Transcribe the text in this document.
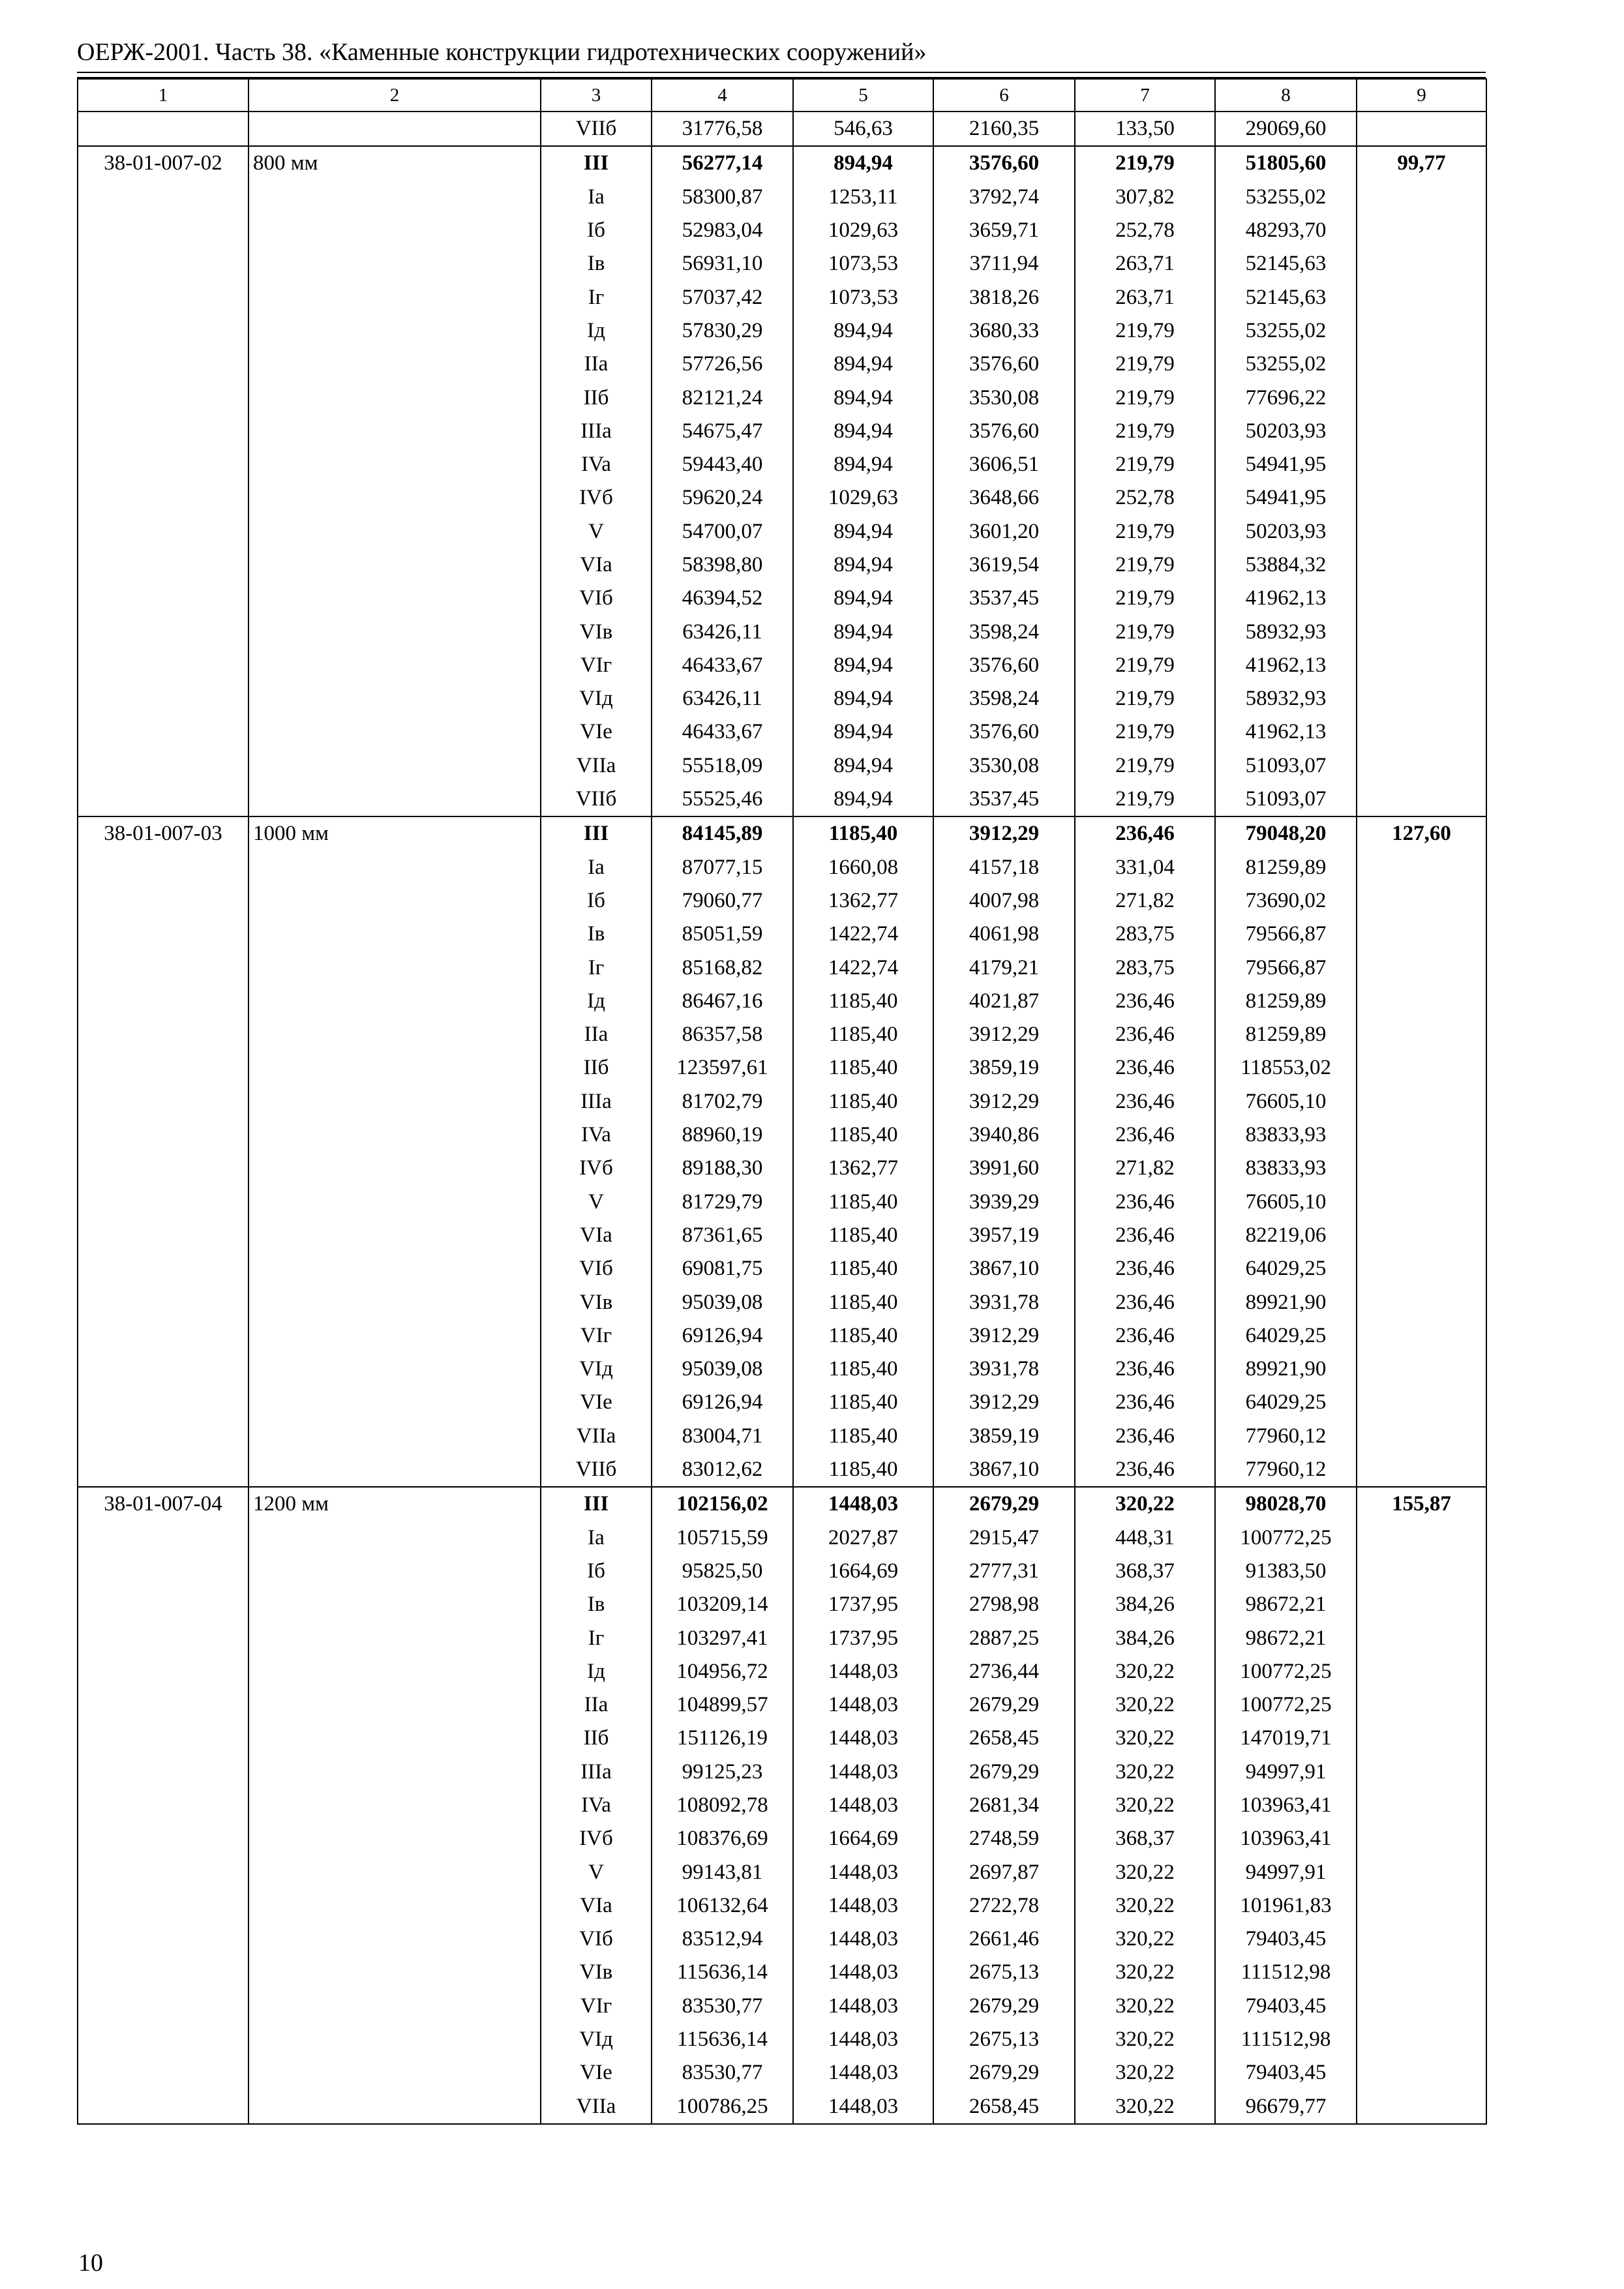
ОЕРЖ-2001. Часть 38. «Каменные конструкции гидротехнических сооружений»
1	2	3	4	5	6	7	8	9
		VIIб	31776,58	546,63	2160,35	133,50	29069,60	
38-01-007-02	800 мм	III	56277,14	894,94	3576,60	219,79	51805,60	99,77
		Ia	58300,87	1253,11	3792,74	307,82	53255,02	
		Iб	52983,04	1029,63	3659,71	252,78	48293,70	
		Iв	56931,10	1073,53	3711,94	263,71	52145,63	
		Iг	57037,42	1073,53	3818,26	263,71	52145,63	
		Iд	57830,29	894,94	3680,33	219,79	53255,02	
		IIa	57726,56	894,94	3576,60	219,79	53255,02	
		IIб	82121,24	894,94	3530,08	219,79	77696,22	
		IIIa	54675,47	894,94	3576,60	219,79	50203,93	
		IVa	59443,40	894,94	3606,51	219,79	54941,95	
		IVб	59620,24	1029,63	3648,66	252,78	54941,95	
		V	54700,07	894,94	3601,20	219,79	50203,93	
		VIa	58398,80	894,94	3619,54	219,79	53884,32	
		VIб	46394,52	894,94	3537,45	219,79	41962,13	
		VIв	63426,11	894,94	3598,24	219,79	58932,93	
		VIг	46433,67	894,94	3576,60	219,79	41962,13	
		VIд	63426,11	894,94	3598,24	219,79	58932,93	
		VIe	46433,67	894,94	3576,60	219,79	41962,13	
		VIIa	55518,09	894,94	3530,08	219,79	51093,07	
		VIIб	55525,46	894,94	3537,45	219,79	51093,07	
38-01-007-03	1000 мм	III	84145,89	1185,40	3912,29	236,46	79048,20	127,60
		Ia	87077,15	1660,08	4157,18	331,04	81259,89	
		Iб	79060,77	1362,77	4007,98	271,82	73690,02	
		Iв	85051,59	1422,74	4061,98	283,75	79566,87	
		Iг	85168,82	1422,74	4179,21	283,75	79566,87	
		Iд	86467,16	1185,40	4021,87	236,46	81259,89	
		IIa	86357,58	1185,40	3912,29	236,46	81259,89	
		IIб	123597,61	1185,40	3859,19	236,46	118553,02	
		IIIa	81702,79	1185,40	3912,29	236,46	76605,10	
		IVa	88960,19	1185,40	3940,86	236,46	83833,93	
		IVб	89188,30	1362,77	3991,60	271,82	83833,93	
		V	81729,79	1185,40	3939,29	236,46	76605,10	
		VIa	87361,65	1185,40	3957,19	236,46	82219,06	
		VIб	69081,75	1185,40	3867,10	236,46	64029,25	
		VIв	95039,08	1185,40	3931,78	236,46	89921,90	
		VIг	69126,94	1185,40	3912,29	236,46	64029,25	
		VIд	95039,08	1185,40	3931,78	236,46	89921,90	
		VIe	69126,94	1185,40	3912,29	236,46	64029,25	
		VIIa	83004,71	1185,40	3859,19	236,46	77960,12	
		VIIб	83012,62	1185,40	3867,10	236,46	77960,12	
38-01-007-04	1200 мм	III	102156,02	1448,03	2679,29	320,22	98028,70	155,87
		Ia	105715,59	2027,87	2915,47	448,31	100772,25	
		Iб	95825,50	1664,69	2777,31	368,37	91383,50	
		Iв	103209,14	1737,95	2798,98	384,26	98672,21	
		Iг	103297,41	1737,95	2887,25	384,26	98672,21	
		Iд	104956,72	1448,03	2736,44	320,22	100772,25	
		IIa	104899,57	1448,03	2679,29	320,22	100772,25	
		IIб	151126,19	1448,03	2658,45	320,22	147019,71	
		IIIa	99125,23	1448,03	2679,29	320,22	94997,91	
		IVa	108092,78	1448,03	2681,34	320,22	103963,41	
		IVб	108376,69	1664,69	2748,59	368,37	103963,41	
		V	99143,81	1448,03	2697,87	320,22	94997,91	
		VIa	106132,64	1448,03	2722,78	320,22	101961,83	
		VIб	83512,94	1448,03	2661,46	320,22	79403,45	
		VIв	115636,14	1448,03	2675,13	320,22	111512,98	
		VIг	83530,77	1448,03	2679,29	320,22	79403,45	
		VIд	115636,14	1448,03	2675,13	320,22	111512,98	
		VIe	83530,77	1448,03	2679,29	320,22	79403,45	
		VIIa	100786,25	1448,03	2658,45	320,22	96679,77	
10
